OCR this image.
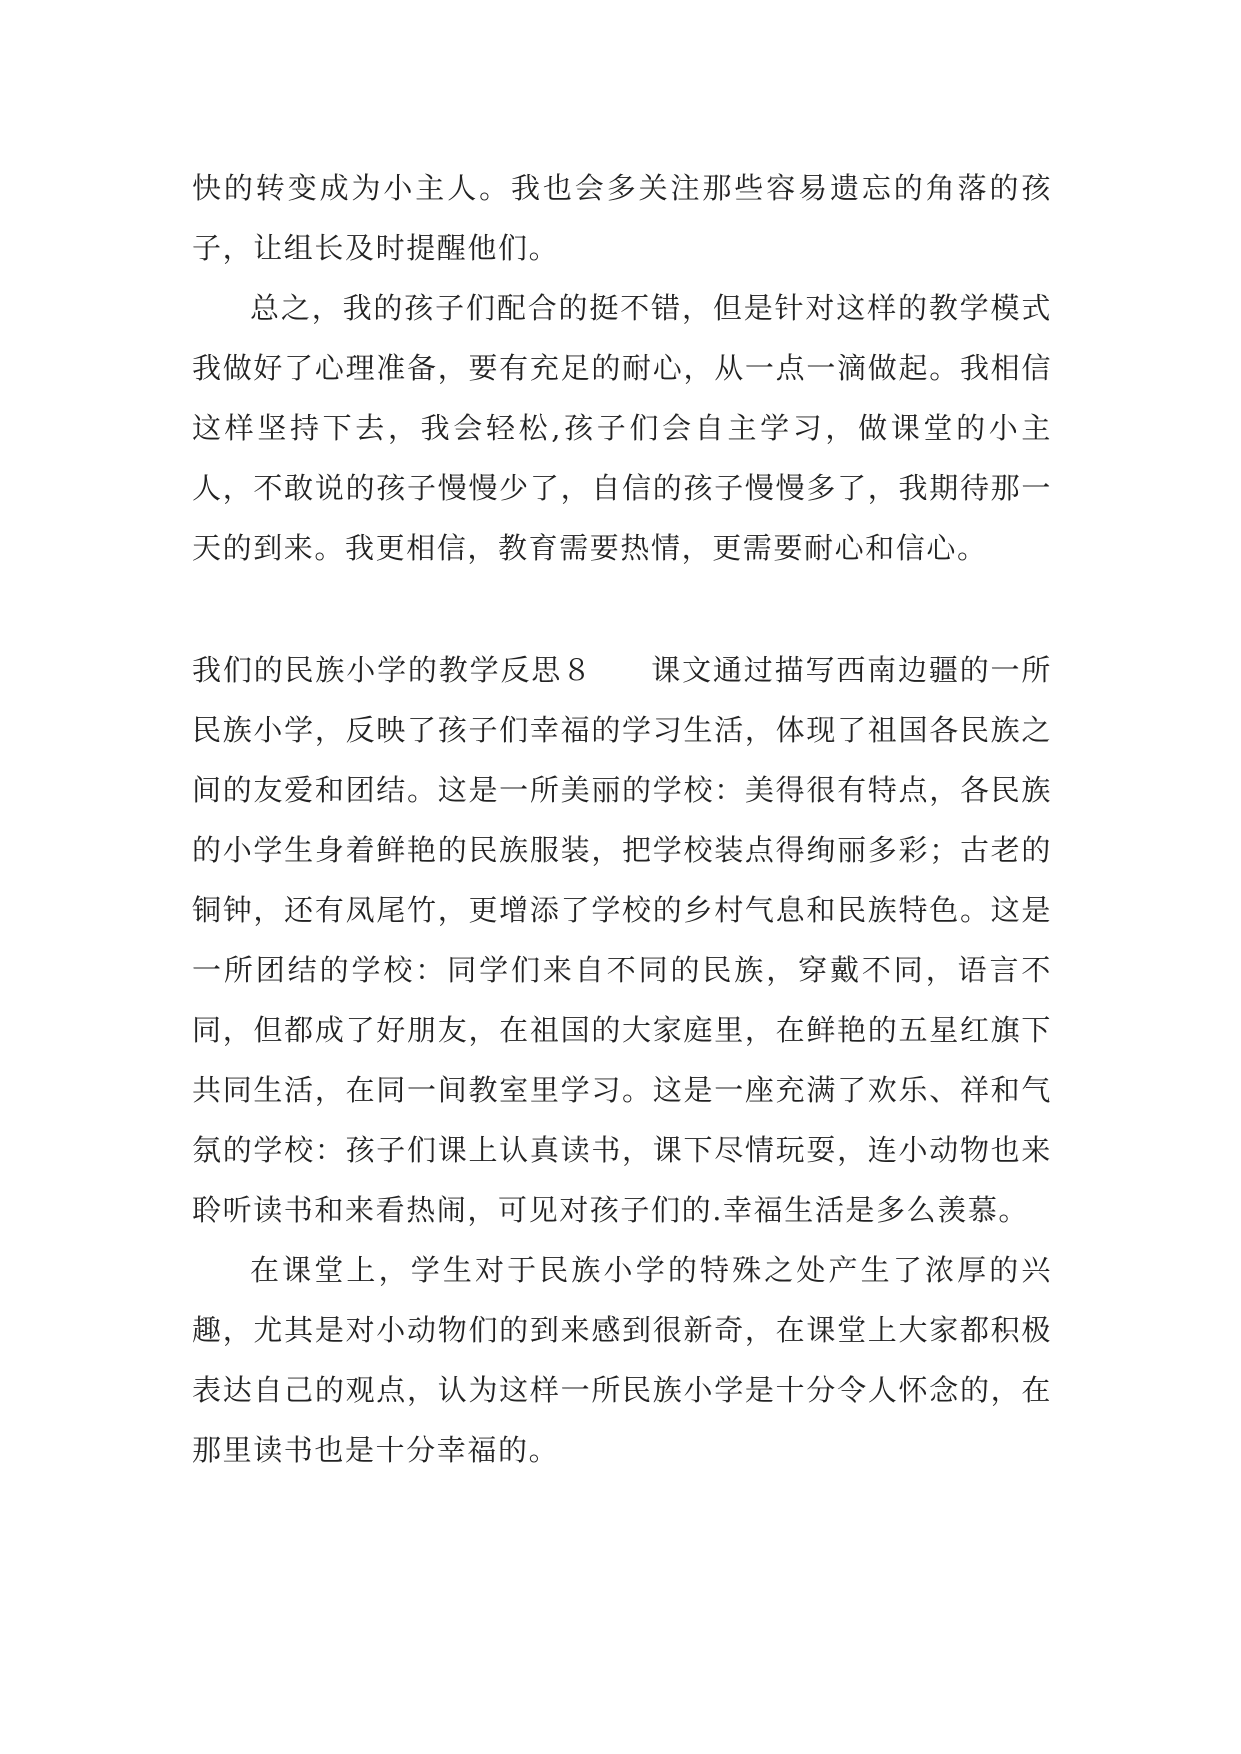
快的转变成为小主人。我也会多关注那些容易遗忘的角落的孩子，让组长及时提醒他们。

总之，我的孩子们配合的挺不错，但是针对这样的教学模式我做好了心理准备，要有充足的耐心，从一点一滴做起。我相信这样坚持下去，我会轻松,孩子们会自主学习，做课堂的小主人，不敢说的孩子慢慢少了，自信的孩子慢慢多了，我期待那一天的到来。我更相信，教育需要热情，更需要耐心和信心。

我们的民族小学的教学反思８ 课文通过描写西南边疆的一所民族小学，反映了孩子们幸福的学习生活，体现了祖国各民族之间的友爱和团结。这是一所美丽的学校：美得很有特点，各民族的小学生身着鲜艳的民族服装，把学校装点得绚丽多彩；古老的铜钟，还有凤尾竹，更增添了学校的乡村气息和民族特色。这是一所团结的学校：同学们来自不同的民族，穿戴不同，语言不同，但都成了好朋友，在祖国的大家庭里，在鲜艳的五星红旗下共同生活，在同一间教室里学习。这是一座充满了欢乐、祥和气氛的学校：孩子们课上认真读书，课下尽情玩耍，连小动物也来聆听读书和来看热闹，可见对孩子们的.幸福生活是多么羡慕。

在课堂上，学生对于民族小学的特殊之处产生了浓厚的兴趣，尤其是对小动物们的到来感到很新奇，在课堂上大家都积极表达自己的观点，认为这样一所民族小学是十分令人怀念的，在那里读书也是十分幸福的。
